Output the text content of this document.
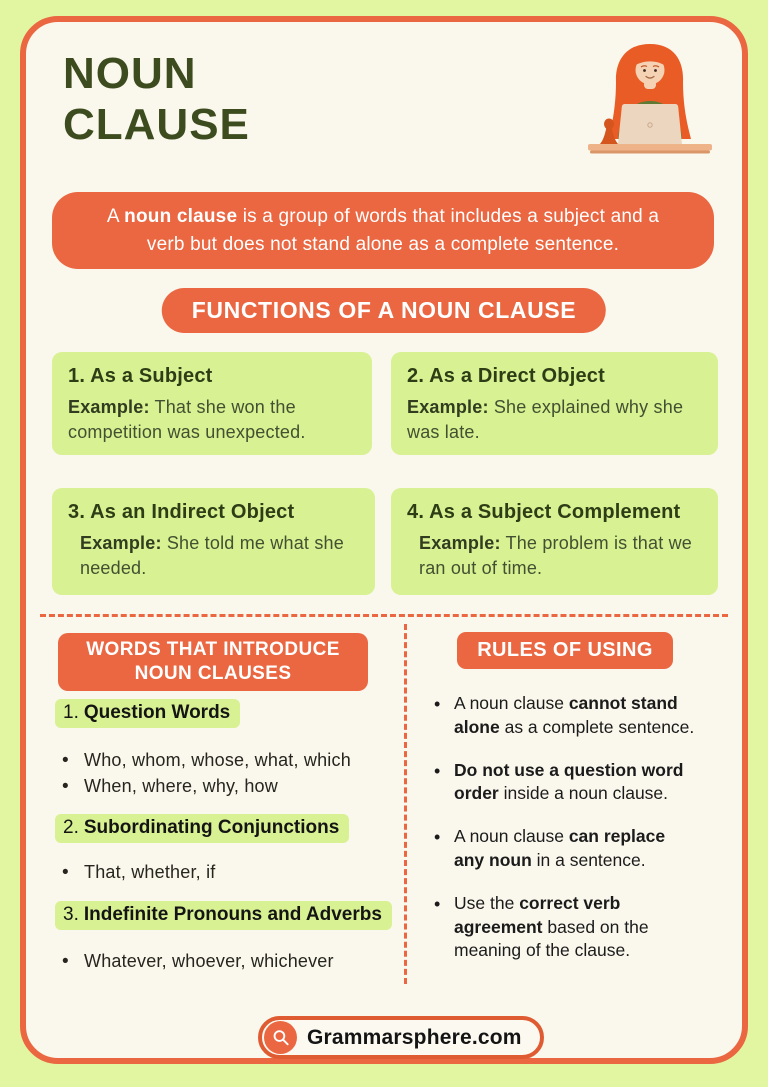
NOUN
CLAUSE

A noun clause is a group of words that includes a subject and a verb but does not stand alone as a complete sentence.

FUNCTIONS OF A NOUN CLAUSE
1. As a Subject

Example: That she won the competition was unexpected.

2. As a Direct Object

Example: She explained why she was late.

3. As an Indirect Object

Example: She told me what she needed.

4. As a Subject Complement

Example: The problem is that we ran out of time.

WORDS THAT INTRODUCE
NOUN CLAUSES
1. Question Words
• Who, whom, whose, what, which
• When, where, why, how
2. Subordinating Conjunctions
• That, whether, if
3. Indefinite Pronouns and Adverbs
• Whatever, whoever, whichever
RULES OF USING
• A noun clause cannot stand alone as a complete sentence.
• Do not use a question word order inside a noun clause.
• A noun clause can replace any noun in a sentence.
• Use the correct verb agreement based on the meaning of the clause.
Grammarsphere.com
